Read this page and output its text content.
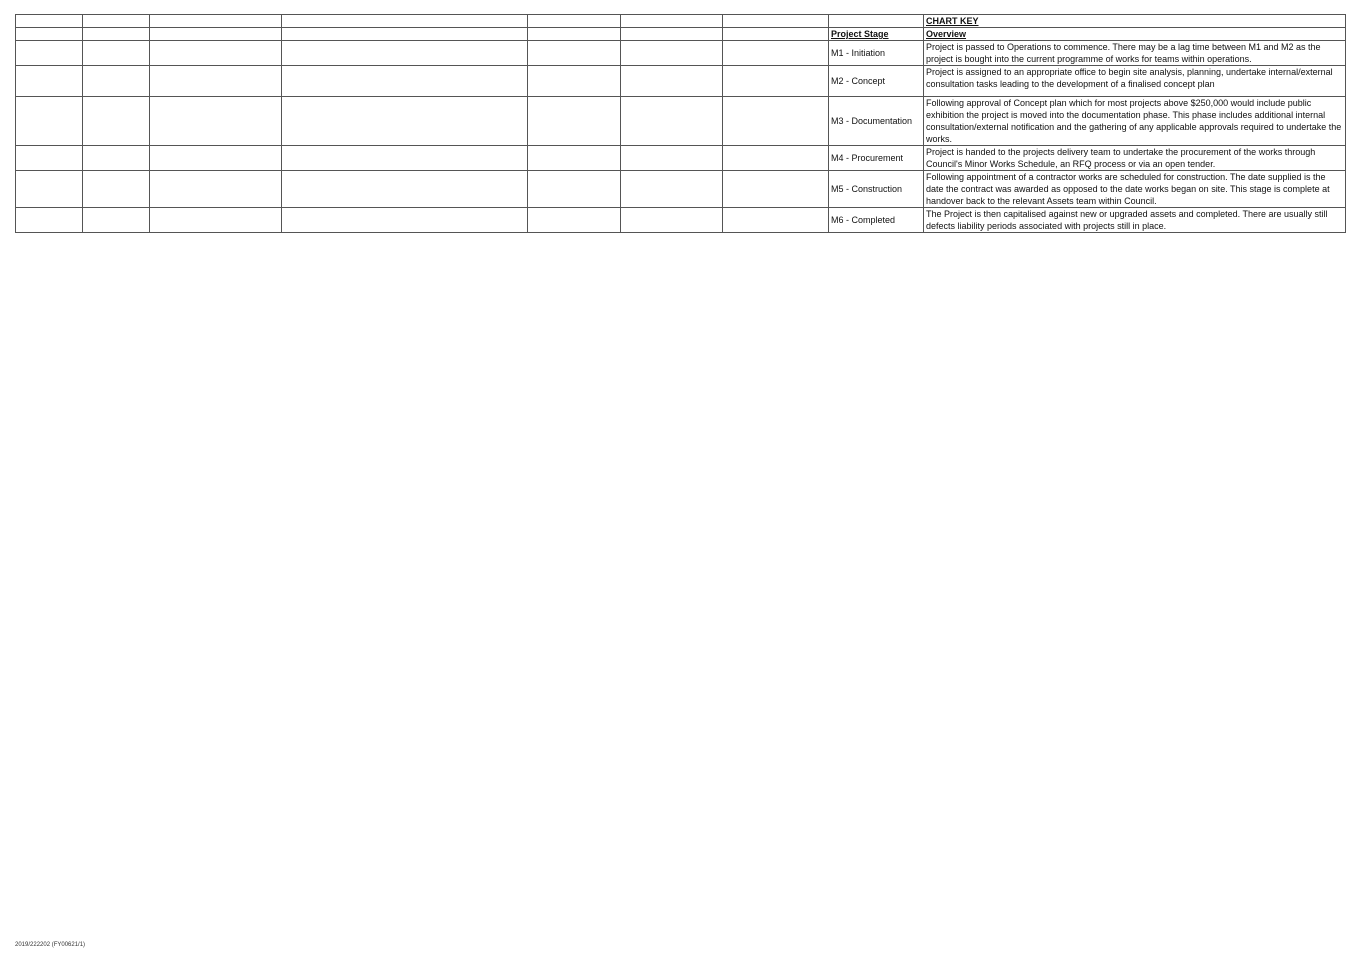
								CHART KEY
							Project Stage	Overview
							M1 - Initiation	Project is passed to Operations to commence. There may be a lag time between M1 and M2 as the project is bought into the current programme of works for teams within operations.
							M2 - Concept	Project is assigned to an appropriate office to begin site analysis, planning, undertake internal/external consultation tasks leading to the development of a finalised concept plan
							M3 - Documentation	Following approval of Concept plan which for most projects above $250,000 would include public exhibition the project is moved into the documentation phase. This phase includes additional internal consultation/external notification and the gathering of any applicable approvals required to undertake the works.
							M4 - Procurement	Project is handed to the projects delivery team to undertake the procurement of the works through Council's Minor Works Schedule, an RFQ process or via an open tender.
							M5 - Construction	Following appointment of a contractor works are scheduled for construction. The date supplied is the date the contract was awarded as opposed to the date works began on site. This stage is complete at handover back to the relevant Assets team within Council.
							M6 - Completed	The Project is then capitalised against new or upgraded assets and completed. There are usually still defects liability periods associated with projects still in place.
2019/222202 (FY00621/1)
